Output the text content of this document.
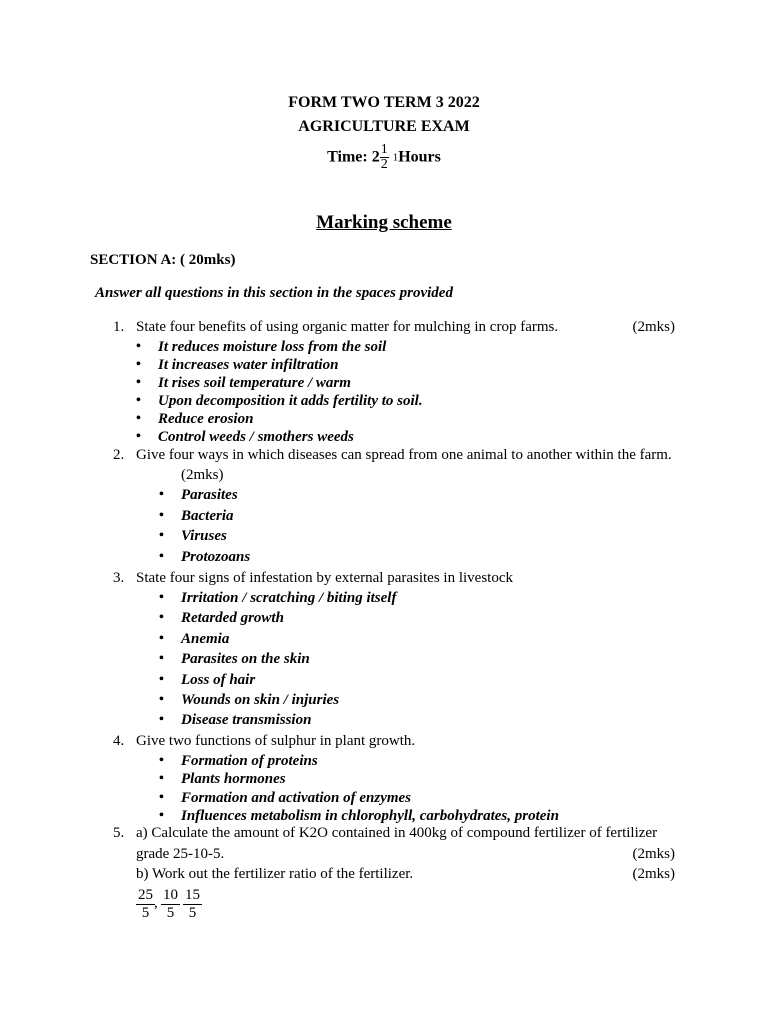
FORM TWO TERM 3 2022
AGRICULTURE EXAM
Time: $2 \frac{1}{2}$ 1Hours
Marking scheme
SECTION A: ( 20mks)
Answer all questions in this section in the spaces provided
1. State four benefits of using organic matter for mulching in crop farms.	(2mks)
• It reduces moisture loss from the soil
• It increases water infiltration
• It rises soil temperature / warm
• Upon decomposition it adds fertility to soil.
• Reduce erosion
• Control weeds / smothers weeds
2. Give four ways in which diseases can spread from one animal to another within the farm.
(2mks)
• Parasites
• Bacteria
• Viruses
• Protozoans
3. State four signs of infestation by external parasites in livestock
• Irritation / scratching / biting itself
• Retarded growth
• Anemia
• Parasites on the skin
• Loss of hair
• Wounds on skin / injuries
• Disease transmission
4. Give two functions of sulphur in plant growth.
• Formation of proteins
• Plants hormones
• Formation and activation of enzymes
• Influences metabolism in chlorophyll, carbohydrates, protein
5. a) Calculate the amount of K2O contained in 400kg of compound fertilizer of fertilizer
grade 25-10-5.	(2mks)
b) Work out the fertilizer ratio of the fertilizer.	(2mks)
$\frac{25}{5}$ , $\frac{10}{5} \frac{15}{5}$
